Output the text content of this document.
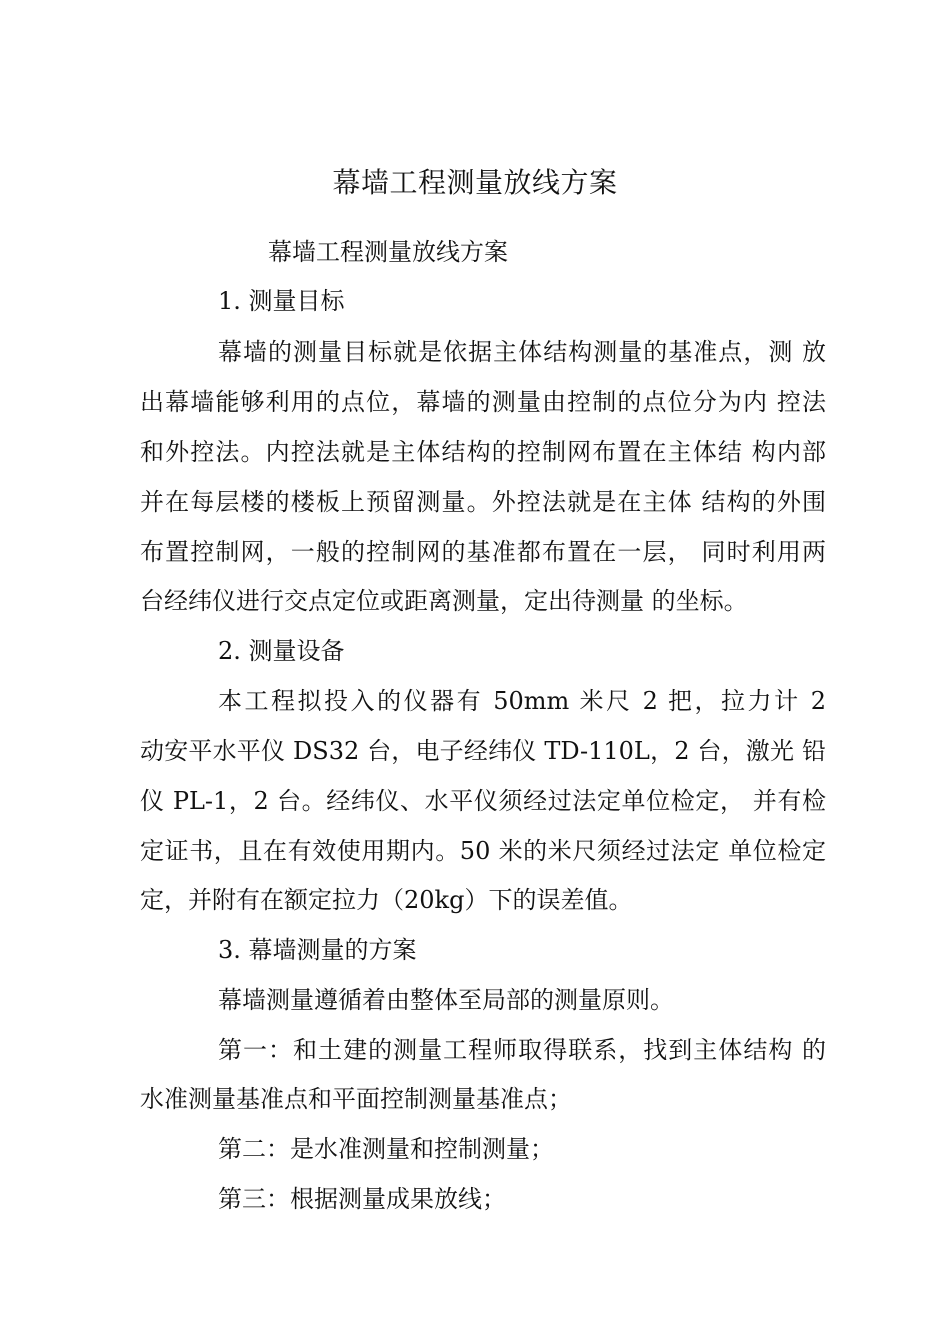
幕墙工程测量放线方案
幕墙工程测量放线方案
1. 测量目标
幕墙的测量目标就是依据主体结构测量的基准点，测 放
出幕墙能够利用的点位，幕墙的测量由控制的点位分为内 控法
和外控法。内控法就是主体结构的控制网布置在主体结 构内部
并在每层楼的楼板上预留测量。外控法就是在主体 结构的外围
布置控制网，一般的控制网的基准都布置在一层， 同时利用两
台经纬仪进行交点定位或距离测量，定出待测量 的坐标。
2. 测量设备
本工程拟投入的仪器有 50mm 米尺 2 把，拉力计 2
动安平水平仪 DS32 台，电子经纬仪 TD-110L，2 台，激光 铅
仪 PL-1，2 台。经纬仪、水平仪须经过法定单位检定， 并有检
定证书，且在有效使用期内。50 米的米尺须经过法定 单位检定
定，并附有在额定拉力（20kg）下的误差值。
3. 幕墙测量的方案
幕墙测量遵循着由整体至局部的测量原则。
第一：和土建的测量工程师取得联系，找到主体结构 的
水准测量基准点和平面控制测量基准点；
第二：是水准测量和控制测量；
第三：根据测量成果放线；
